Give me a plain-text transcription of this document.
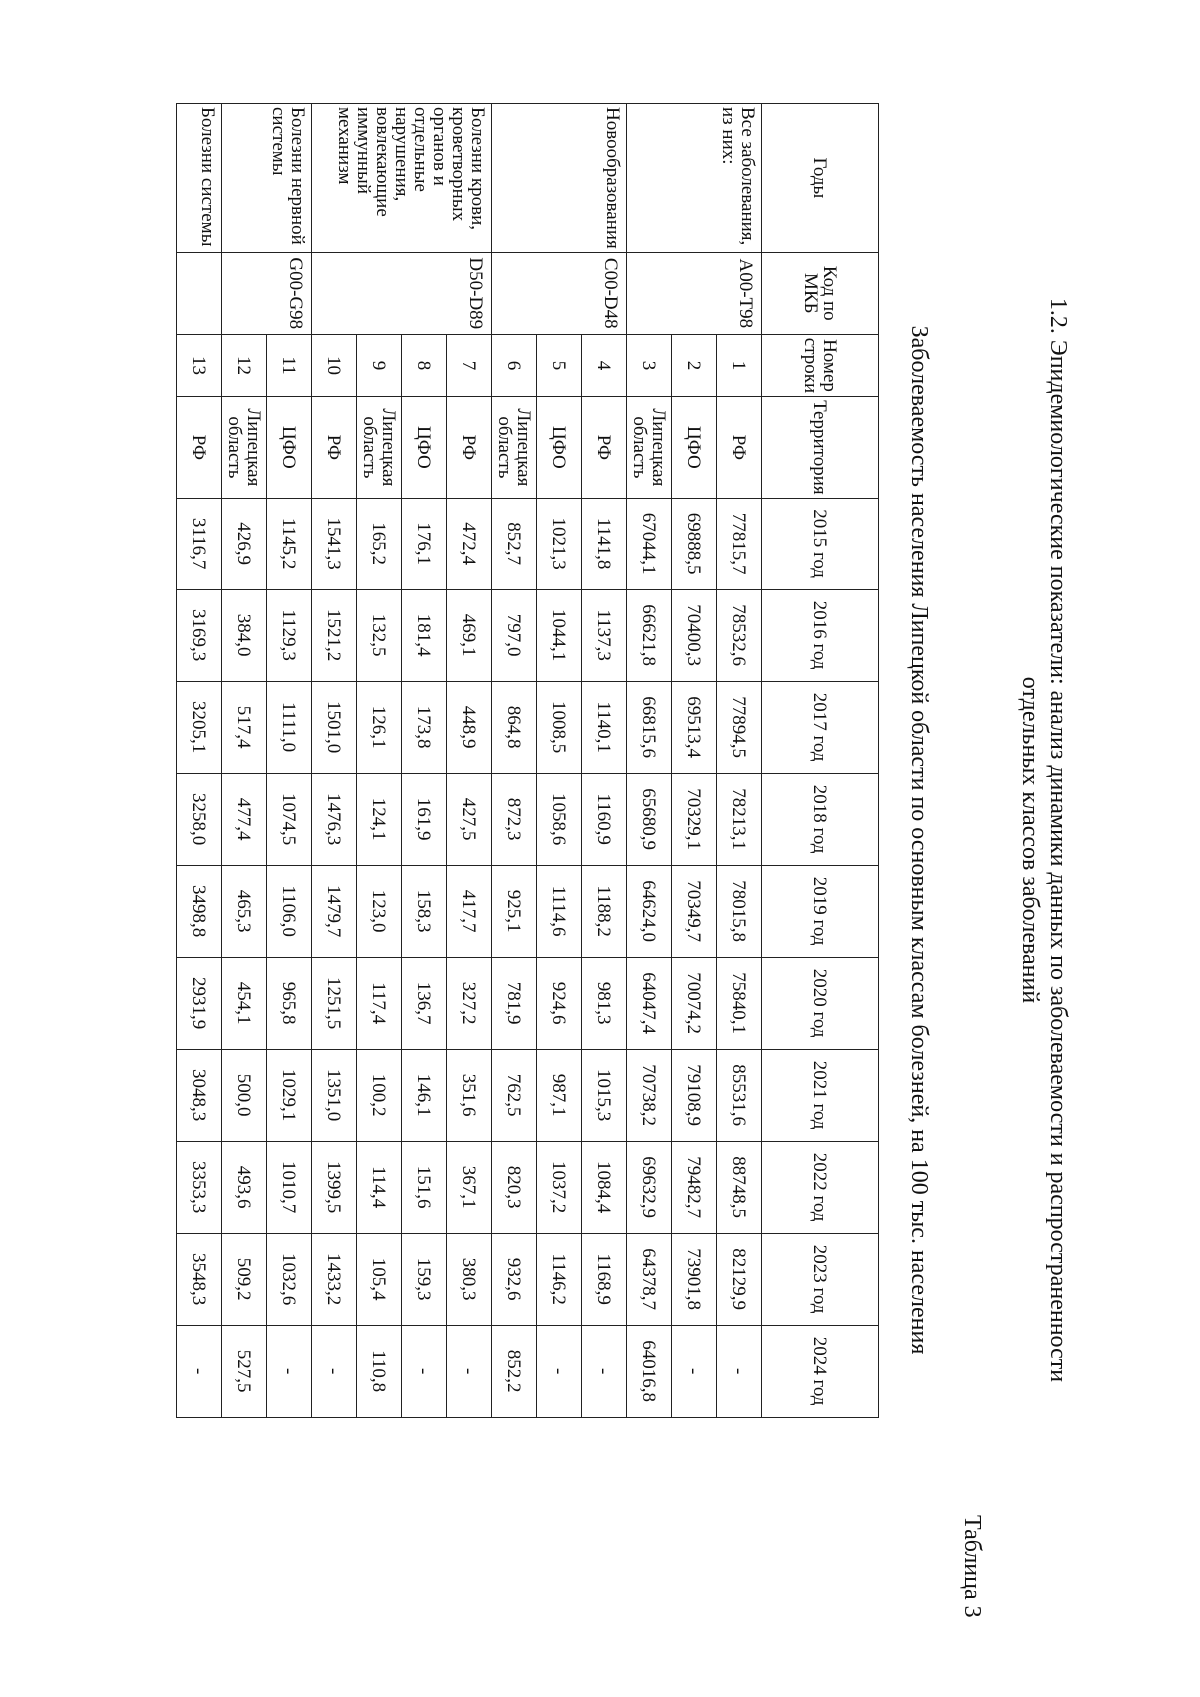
1.2. Эпидемиологические показатели: анализ динамики данных по заболеваемости и распространенности
отдельных классов заболеваний
Таблица 3
Заболеваемость населения Липецкой области по основным классам болезней, на 100 тыс. населения
Годы	Код по МКБ	Номер строки	Территория	2015 год	2016 год	2017 год	2018 год	2019 год	2020 год	2021 год	2022 год	2023 год	2024 год
Все заболевания, из них:	A00-T98	1	РФ	77815,7	78532,6	77894,5	78213,1	78015,8	75840,1	85531,6	88748,5	82129,9	-
		2	ЦФО	69888,5	70400,3	69513,4	70329,1	70349,7	70074,2	79108,9	79482,7	73901,8	-
		3	Липецкая область	67044,1	66621,8	66815,6	65680,9	64624,0	64047,4	70738,2	69632,9	64378,7	64016,8
Новообразования	C00-D48	4	РФ	1141,8	1137,3	1140,1	1160,9	1188,2	981,3	1015,3	1084,4	1168,9	-
		5	ЦФО	1021,3	1044,1	1008,5	1058,6	1114,6	924,6	987,1	1037,2	1146,2	-
		6	Липецкая область	852,7	797,0	864,8	872,3	925,1	781,9	762,5	820,3	932,6	852,2
Болезни крови, кроветворных органов и отдельные нарушения, вовлекающие иммунный механизм	D50-D89	7	РФ	472,4	469,1	448,9	427,5	417,7	327,2	351,6	367,1	380,3	-
		8	ЦФО	176,1	181,4	173,8	161,9	158,3	136,7	146,1	151,6	159,3	-
		9	Липецкая область	165,2	132,5	126,1	124,1	123,0	117,4	100,2	114,4	105,4	110,8
		10	РФ	1541,3	1521,2	1501,0	1476,3	1479,7	1251,5	1351,0	1399,5	1433,2	-
Болезни нервной системы	G00-G98	11	ЦФО	1145,2	1129,3	1111,0	1074,5	1106,0	965,8	1029,1	1010,7	1032,6	-
		12	Липецкая область	426,9	384,0	517,4	477,4	465,3	454,1	500,0	493,6	509,2	527,5
Болезни системы		13	РФ	3116,7	3169,3	3205,1	3258,0	3498,8	2931,9	3048,3	3353,3	3548,3	-
